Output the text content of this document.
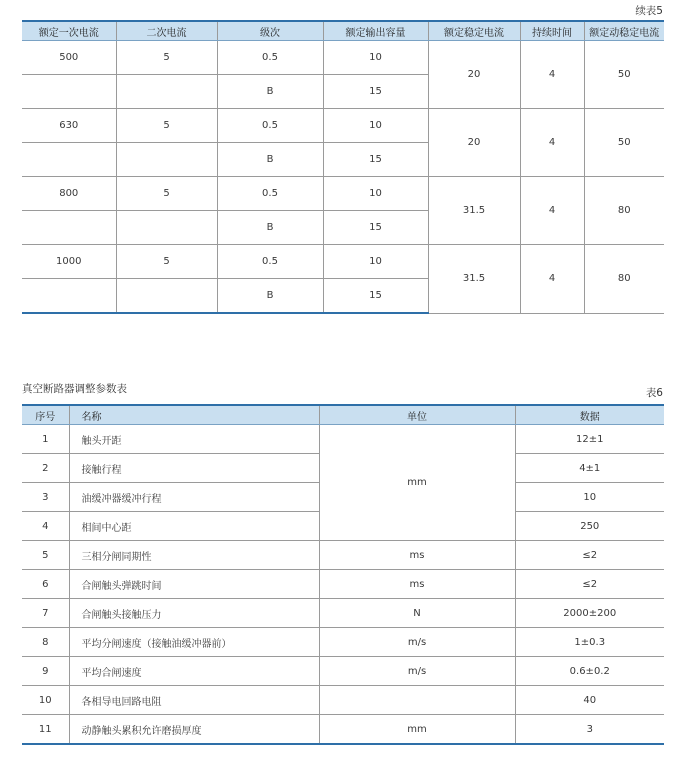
续表5
额定一次电流	二次电流	级次	额定输出容量	额定稳定电流	持续时间	额定动稳定电流
500	5	0.5	10	20	4	50
		B	15			
630	5	0.5	10	20	4	50
		B	15			
800	5	0.5	10	31.5	4	80
		B	15			
1000	5	0.5	10	31.5	4	80
		B	15			
真空断路器调整参数表	表6
序号	名称	单位	数据
1	触头开距	mm	12±1
2	接触行程		4±1
3	油缓冲器缓冲行程		10
4	相间中心距		250
5	三相分闸同期性	ms	≤2
6	合闸触头弹跳时间	ms	≤2
7	合闸触头接触压力	N	2000±200
8	平均分闸速度（接触油缓冲器前）	m/s	1±0.3
9	平均合闸速度	m/s	0.6±0.2
10	各相导电回路电阻		40
11	动静触头累积允许磨损厚度	mm	3
